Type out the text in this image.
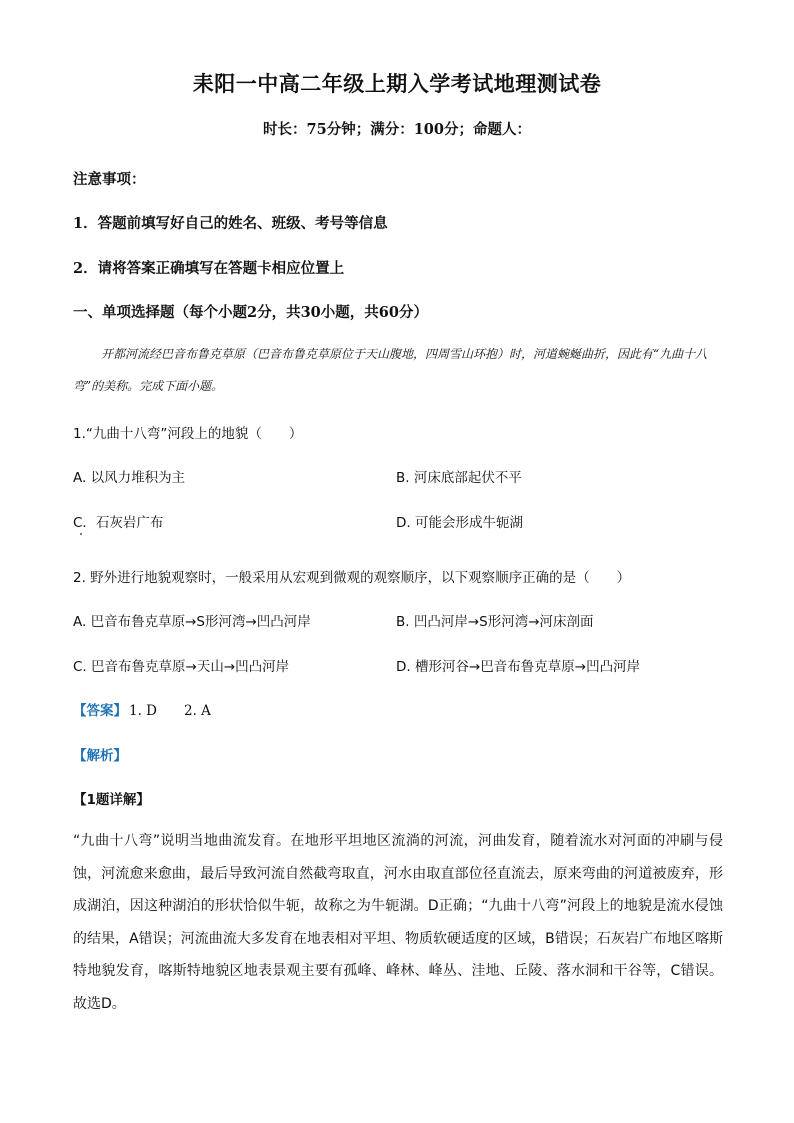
耒阳一中高二年级上期入学考试地理测试卷
时长：75分钟；满分：100分；命题人：
注意事项：
1．答题前填写好自己的姓名、班级、考号等信息
2．请将答案正确填写在答题卡相应位置上
一、单项选择题（每个小题2分，共30小题，共60分）
开都河流经巴音布鲁克草原（巴音布鲁克草原位于天山腹地，四周雪山环抱）时，河道蜿蜒曲折，因此有“九曲十八弯”的美称。完成下面小题。
1.“九曲十八弯”河段上的地貌（　　）
A. 以风力堆积为主	B. 河床底部起伏不平
C．石灰岩广布	D. 可能会形成牛轭湖
2. 野外进行地貌观察时，一般采用从宏观到微观的观察顺序，以下观察顺序正确的是（　　）
A. 巴音布鲁克草原→S形河湾→凹凸河岸	B. 凹凸河岸→S形河湾→河床剖面
C. 巴音布鲁克草原→天山→凹凸河岸	D. 槽形河谷→巴音布鲁克草原→凹凸河岸
【答案】 1. D　　2. A
【解析】
【1题详解】
“九曲十八弯”说明当地曲流发育。在地形平坦地区流淌的河流，河曲发育，随着流水对河面的冲刷与侵蚀，河流愈来愈曲，最后导致河流自然截弯取直，河水由取直部位径直流去，原来弯曲的河道被废弃，形成湖泊，因这种湖泊的形状恰似牛轭，故称之为牛轭湖。D正确；“九曲十八弯”河段上的地貌是流水侵蚀的结果，A错误；河流曲流大多发育在地表相对平坦、物质软硬适度的区域，B错误；石灰岩广布地区喀斯特地貌发育，喀斯特地貌区地表景观主要有孤峰、峰林、峰丛、洼地、丘陵、落水洞和干谷等，C错误。故选D。
